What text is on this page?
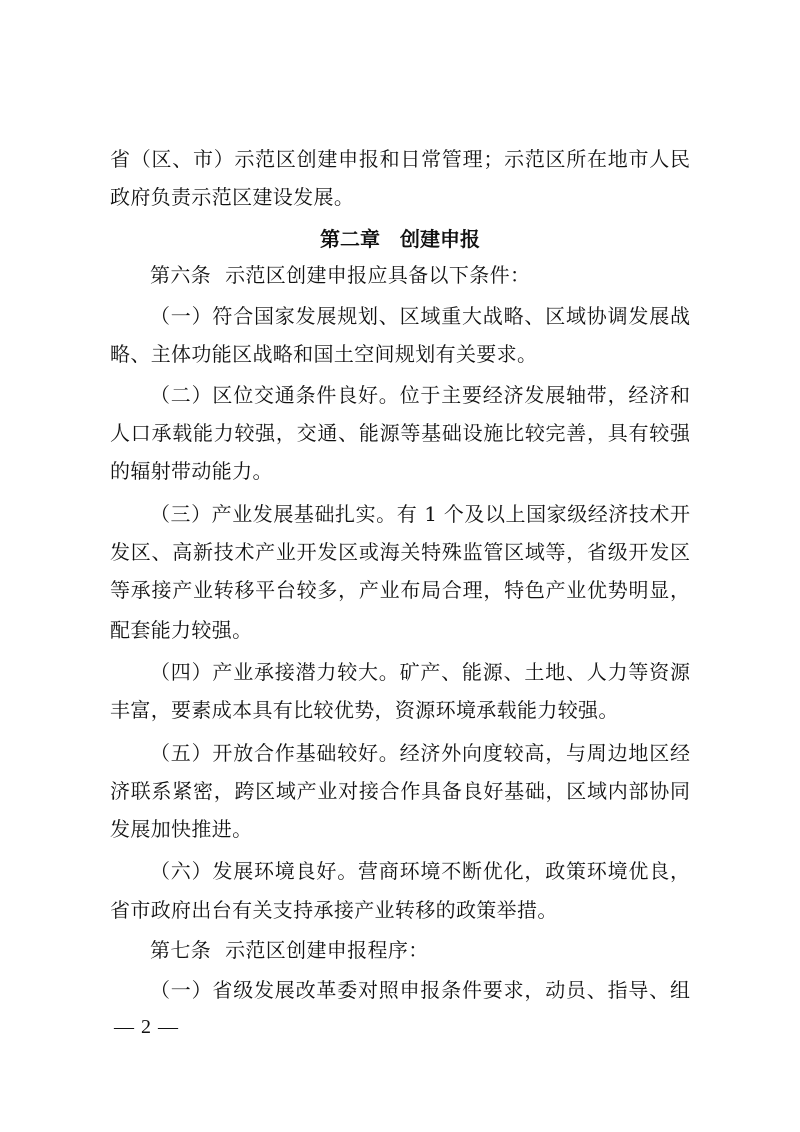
省（区、市）示范区创建申报和日常管理；示范区所在地市人民
政府负责示范区建设发展。
第二章　创建申报
第六条 示范区创建申报应具备以下条件：
（一）符合国家发展规划、区域重大战略、区域协调发展战
略、主体功能区战略和国土空间规划有关要求。
（二）区位交通条件良好。位于主要经济发展轴带，经济和
人口承载能力较强，交通、能源等基础设施比较完善，具有较强
的辐射带动能力。
（三）产业发展基础扎实。有 1 个及以上国家级经济技术开
发区、高新技术产业开发区或海关特殊监管区域等，省级开发区
等承接产业转移平台较多，产业布局合理，特色产业优势明显，
配套能力较强。
（四）产业承接潜力较大。矿产、能源、土地、人力等资源
丰富，要素成本具有比较优势，资源环境承载能力较强。
（五）开放合作基础较好。经济外向度较高，与周边地区经
济联系紧密，跨区域产业对接合作具备良好基础，区域内部协同
发展加快推进。
（六）发展环境良好。营商环境不断优化，政策环境优良，
省市政府出台有关支持承接产业转移的政策举措。
第七条 示范区创建申报程序：
（一）省级发展改革委对照申报条件要求，动员、指导、组
— 2 —
